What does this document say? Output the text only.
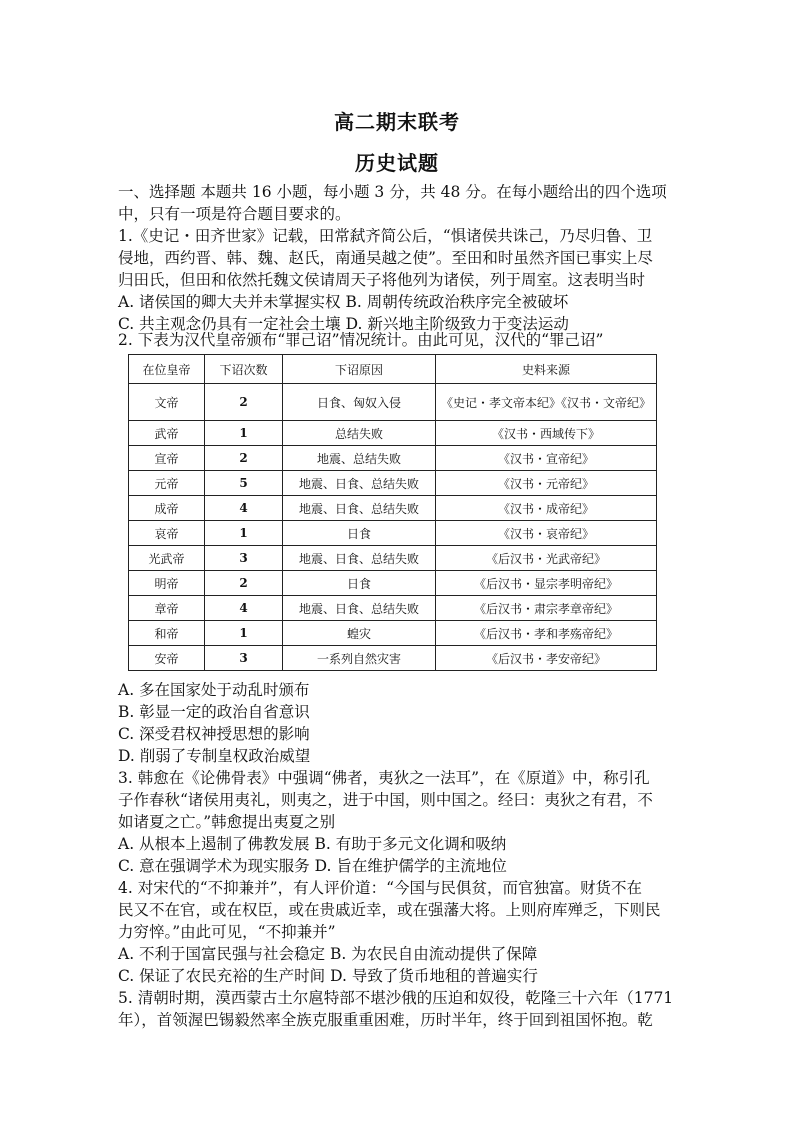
高二期末联考
历史试题
一、选择题 本题共 16 小题，每小题 3 分，共 48 分。在每小题给出的四个选项
中，只有一项是符合题目要求的。
1.《史记・田齐世家》记载，田常弑齐简公后，“惧诸侯共诛己，乃尽归鲁、卫
侵地，西约晋、韩、魏、赵氏，南通吴越之使”。至田和时虽然齐国已事实上尽
归田氏，但田和依然托魏文侯请周天子将他列为诸侯，列于周室。这表明当时
A. 诸侯国的卿大夫并未掌握实权 B. 周朝传统政治秩序完全被破坏
C. 共主观念仍具有一定社会土壤 D. 新兴地主阶级致力于变法运动
2. 下表为汉代皇帝颁布“罪己诏”情况统计。由此可见，汉代的“罪己诏”
在位皇帝	下诏次数	下诏原因	史料来源
文帝	2	日食、匈奴入侵	《史记・孝文帝本纪》《汉书・文帝纪》
武帝	1	总结失败	《汉书・西域传下》
宣帝	2	地震、总结失败	《汉书・宣帝纪》
元帝	5	地震、日食、总结失败	《汉书・元帝纪》
成帝	4	地震、日食、总结失败	《汉书・成帝纪》
哀帝	1	日食	《汉书・哀帝纪》
光武帝	3	地震、日食、总结失败	《后汉书・光武帝纪》
明帝	2	日食	《后汉书・显宗孝明帝纪》
章帝	4	地震、日食、总结失败	《后汉书・肃宗孝章帝纪》
和帝	1	蝗灾	《后汉书・孝和孝殇帝纪》
安帝	3	一系列自然灾害	《后汉书・孝安帝纪》
A. 多在国家处于动乱时颁布
B. 彰显一定的政治自省意识
C. 深受君权神授思想的影响
D. 削弱了专制皇权政治威望
3. 韩愈在《论佛骨表》中强调“佛者，夷狄之一法耳”，在《原道》中，称引孔
子作春秋“诸侯用夷礼，则夷之，进于中国，则中国之。经曰：夷狄之有君，不
如诸夏之亡。”韩愈提出夷夏之别
A. 从根本上遏制了佛教发展 B. 有助于多元文化调和吸纳
C. 意在强调学术为现实服务 D. 旨在维护儒学的主流地位
4. 对宋代的“不抑兼并”，有人评价道：“今国与民俱贫，而官独富。财货不在
民又不在官，或在权臣，或在贵戚近幸，或在强藩大将。上则府库殚乏，下则民
力穷悴。”由此可见，“不抑兼并”
A. 不利于国富民强与社会稳定 B. 为农民自由流动提供了保障
C. 保证了农民充裕的生产时间 D. 导致了货币地租的普遍实行
5. 清朝时期，漠西蒙古土尔扈特部不堪沙俄的压迫和奴役，乾隆三十六年（1771
年），首领渥巴锡毅然率全族克服重重困难，历时半年，终于回到祖国怀抱。乾
